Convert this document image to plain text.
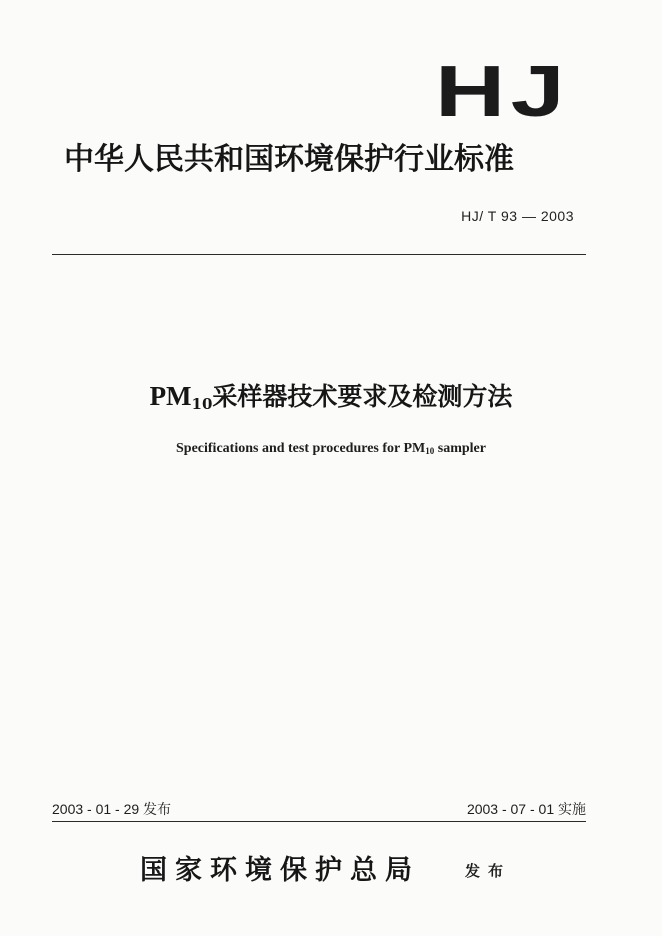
HJ
中华人民共和国环境保护行业标准
HJ/ T 93 — 2003
$PM_{10}$采样器技术要求及检测方法
Specifications and test procedures for $PM_{10}$ sampler
2003 - 01 - 29 发布	2003 - 07 - 01 实施
国家环境保护总局	发布
